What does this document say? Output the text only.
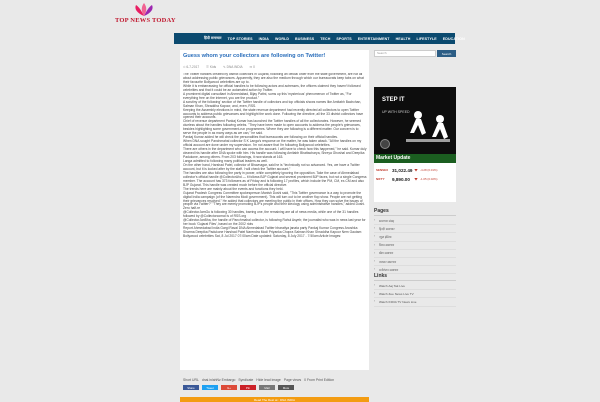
TOP NEWS TODAY
हिंदी समाचार	TOP STORIES	INDIA	WORLD	BUSINESS	TECH	SPORTS	ENTERTAINMENT	HEALTH	LIFESTYLE	EDUCATION
Guess whom your collectors are following on Twitter!
⏲ 6-7-2017 ☰ Kids ✎ DNA INDIA ✉ 0

The Twitter handles created by district collectors in Gujarat, following an official order from the state government, are not all about addressing public grievances. Apparently, they are also the medium through which our bureaucrats keep tabs on what their favourite Bollywood celebrities are up to.

While it is embarrassing for official handles to be following actors and actresses, the officers claimed they haven't followed celebrities and that it could be an automated action by Twitter.

A prominent digital consultant in Ahmedabad, Bijay Pattni, sums up this 'mysterious' phenomenon of Twitter as, "For everything free on the internet, you are the product."

A scrutiny of the following' section of the Twitter handle of collectors and top officials shows names like Amitabh Bachchan, Salman Khan, Shraddha Kapoor, and, even, RSS.

Keeping the Assembly elections in mind, the state revenue department had recently directed all collectors to open Twitter accounts to address public grievances and highlight the work done. Following the directive, all the 33 district collectors have opened their accounts.

Chief of revenue department Pankaj Kumar has launched the Twitter handles of all the collectorates. However, he seemed clueless about the handles following celebs. "They have been made to open accounts to address the people's grievances, besides highlighting some government-run programmes. Where they are following is a different matter. Our concern is to serve the people in as many ways as we can," he said.

Pankaj Kumar added he will check the personalities that bureaucrats are following on their official handles.

When DNA sought Panchmahal collector S K Langa's response on the matter, he was taken aback. "All the handles on my official account are done under my supervision. I'm not aware that I'm following Bollywood celebrities.

There are others in the department who can access the account. I will have to check how this happened," he said. Kumar duly cleaned his handle after DNA spoke with him. His handle was following Amitabh Bhattacharya, Shreya Ghoshal and Deepika Padukone, among others. From 203 followings, it now stands at 163.

Langa admitted to following many political leaders as well.

On the other hand, Harshad Patel, collector of Bhavnagar, said he is "technically not so advanced. Yes, we have a Twitter account, but it is looked after by the staff. I will check the Twitter account."

The handles are also following the party in power, while completely ignoring the opposition. Take the case of Ahmedabad collector's official handle @CollectorAhd — it follows BJP Gujarat and several prominent BJP faces, but not a single Congress member. The account has 373 followers as of Friday and is following 17 profiles, which include the PM, CM, ex-CM and also BJP Gujarat. This handle was created much before the official directive.

The trends here are mainly about the events and functions they held.

Gujarat Pradesh Congress Committee spokesperson Manish Doshi said, "This Twitter governance is a way to promote the digital India campaign (of the Narendra Modi government). This will turn out to be another flop show. People are not getting their grievances resolved." He added that collectors are meeting the public in their offices. How they can solve the issues of people via Twitter?" "They are merely promoting BJP's people and their ideology using administrative handles," added Doshi.

Zero half-re

@CollectorJamGu is following 30 handles, barring one, the remaining are all of news media, while one of the 31 handles followed by @CollectorcomaI is of RSS.org

@CollectorJanBha, the handle of Panchmahal collector, is following Rahul Asyeb; the journalist who was in news last year for her book 'Gujarat Files', based on the 2002 riots

Report Ahmedabad India Gargi Raval DNA Ahmedabad Twitter bharatiya janata party Pankaj Kumar Congress Anoshka Sharma Deepika Padukone Harshad Patel Narendra Modi Priyanka Chopra Salman Khan Shraddha Kapoor Nem Gautam Bollywood celebrities Sat, 8 Jul 2017 07:00am Date updated: Saturday, 8 July 2017 - 7:50am Article Images:

Short URL dnai.in/ahNz Embargo Syndicate Hide lead image Page views 0 From Print Edition
Share	Tweet	G+	Pin	Mail	More
Read The Rest at : DNA INDIA
Search	Search
STEP IT
UP WITH SPEED
Market Update
SENSEX 31,022.49	-4.28 (0.01%)
NIFTY	9,890.00	-1.05 (0.02%)
Pages
›	समाचार संग्रह
›	हिन्दी समाचार
›	न्यूज़ इंडिया
›	विश्व समाचार
›	खेल समाचार
›	व्यापार समाचार
›	मनोरंजन समाचार
Links
›	Watch Aaj Tak Live
›	Watch Zee News Live TV
›	Watch INDIA TV News Live
